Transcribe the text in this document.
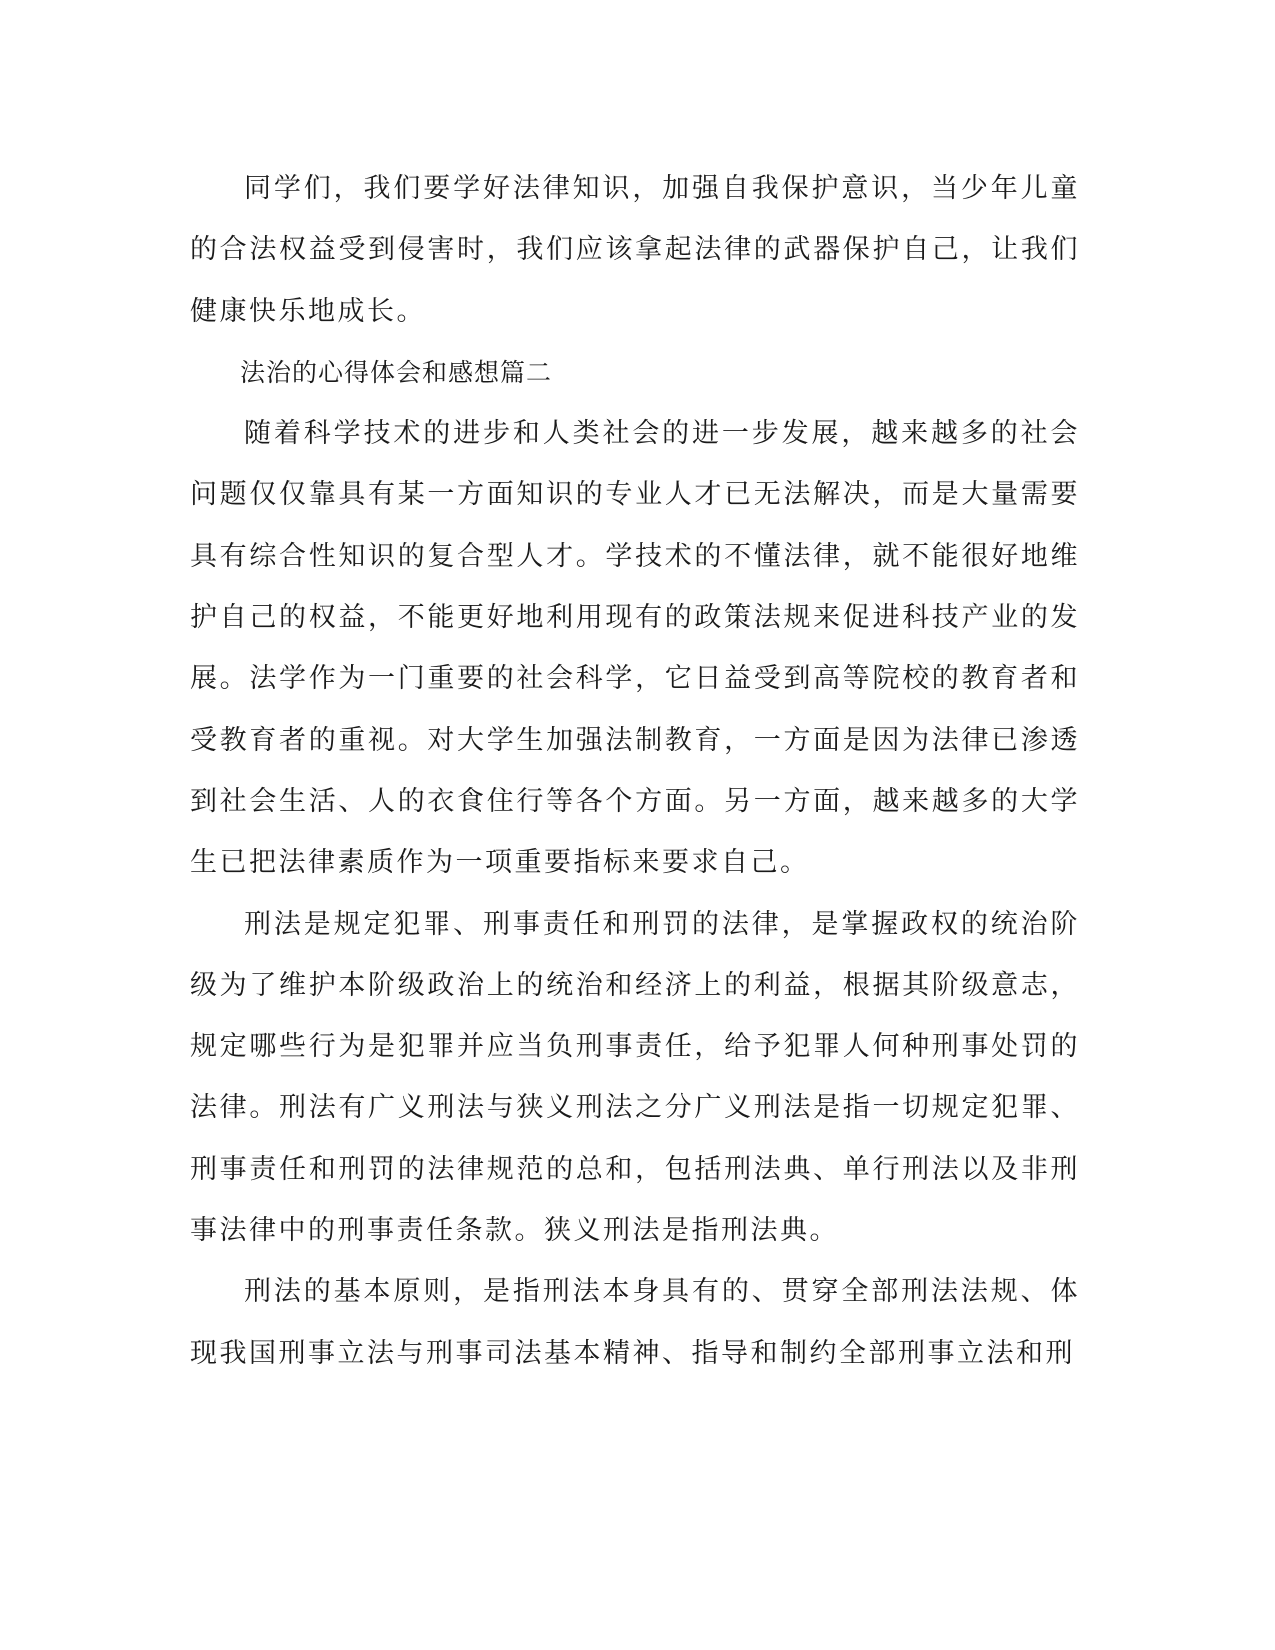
同学们，我们要学好法律知识，加强自我保护意识，当少年儿童的合法权益受到侵害时，我们应该拿起法律的武器保护自己，让我们健康快乐地成长。

法治的心得体会和感想篇二

随着科学技术的进步和人类社会的进一步发展，越来越多的社会问题仅仅靠具有某一方面知识的专业人才已无法解决，而是大量需要具有综合性知识的复合型人才。学技术的不懂法律，就不能很好地维护自己的权益，不能更好地利用现有的政策法规来促进科技产业的发展。法学作为一门重要的社会科学，它日益受到高等院校的教育者和受教育者的重视。对大学生加强法制教育，一方面是因为法律已渗透到社会生活、人的衣食住行等各个方面。另一方面，越来越多的大学生已把法律素质作为一项重要指标来要求自己。

刑法是规定犯罪、刑事责任和刑罚的法律，是掌握政权的统治阶级为了维护本阶级政治上的统治和经济上的利益，根据其阶级意志，规定哪些行为是犯罪并应当负刑事责任，给予犯罪人何种刑事处罚的法律。刑法有广义刑法与狭义刑法之分广义刑法是指一切规定犯罪、刑事责任和刑罚的法律规范的总和，包括刑法典、单行刑法以及非刑事法律中的刑事责任条款。狭义刑法是指刑法典。

刑法的基本原则，是指刑法本身具有的、贯穿全部刑法法规、体现我国刑事立法与刑事司法基本精神、指导和制约全部刑事立法和刑
